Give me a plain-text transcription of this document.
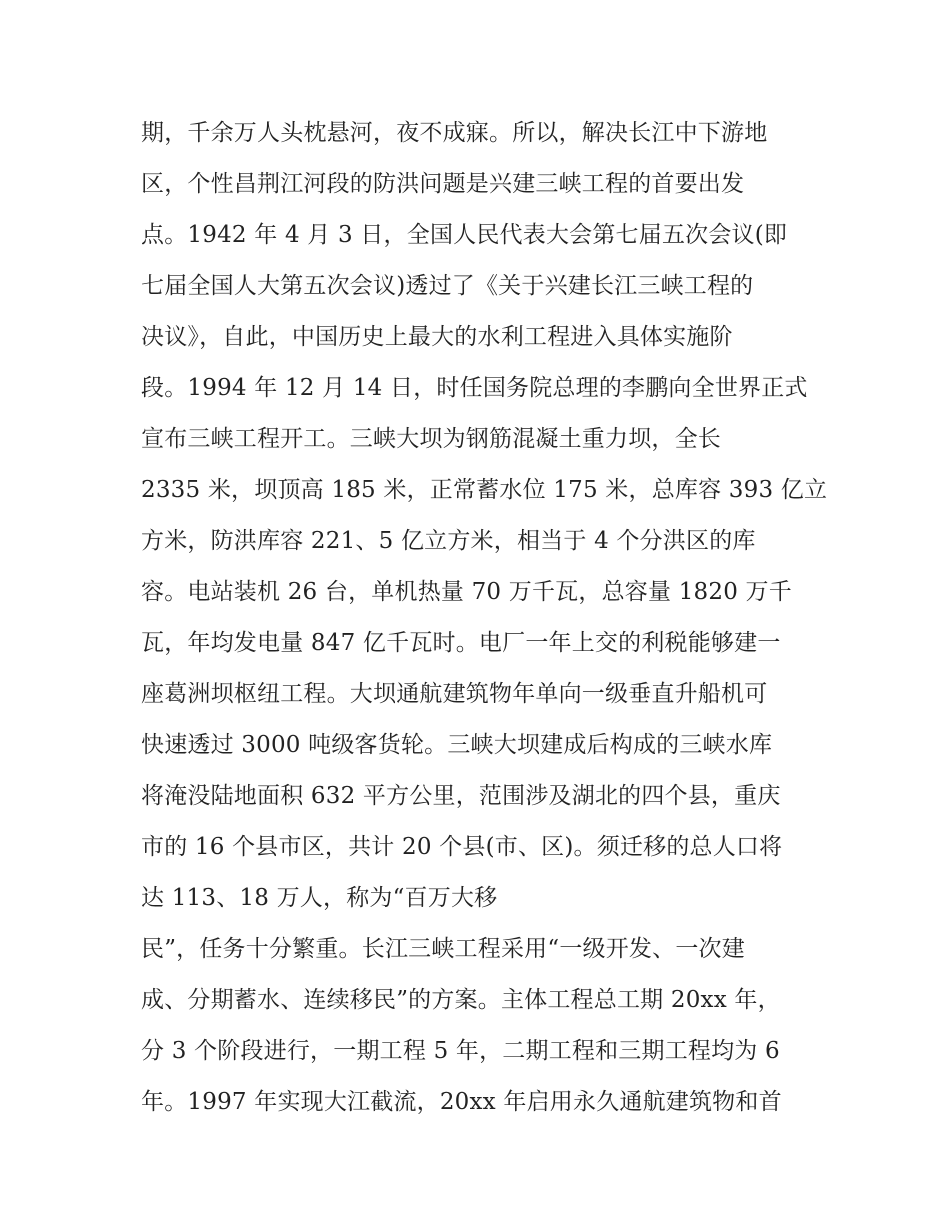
期，千余万人头枕悬河，夜不成寐。所以，解决长江中下游地
区，个性昌荆江河段的防洪问题是兴建三峡工程的首要出发
点。1942 年 4 月 3 日，全国人民代表大会第七届五次会议(即
七届全国人大第五次会议)透过了《关于兴建长江三峡工程的
决议》，自此，中国历史上最大的水利工程进入具体实施阶
段。1994 年 12 月 14 日，时任国务院总理的李鹏向全世界正式
宣布三峡工程开工。三峡大坝为钢筋混凝土重力坝，全长
2335 米，坝顶高 185 米，正常蓄水位 175 米，总库容 393 亿立
方米，防洪库容 221、5 亿立方米，相当于 4 个分洪区的库
容。电站装机 26 台，单机热量 70 万千瓦，总容量 1820 万千
瓦，年均发电量 847 亿千瓦时。电厂一年上交的利税能够建一
座葛洲坝枢纽工程。大坝通航建筑物年单向一级垂直升船机可
快速透过 3000 吨级客货轮。三峡大坝建成后构成的三峡水库
将淹没陆地面积 632 平方公里，范围涉及湖北的四个县，重庆
市的 16 个县市区，共计 20 个县(市、区)。须迁移的总人口将
达 113、18 万人，称为“百万大移
民”，任务十分繁重。长江三峡工程采用“一级开发、一次建
成、分期蓄水、连续移民”的方案。主体工程总工期 20xx 年，
分 3 个阶段进行，一期工程 5 年，二期工程和三期工程均为 6
年。1997 年实现大江截流，20xx 年启用永久通航建筑物和首
